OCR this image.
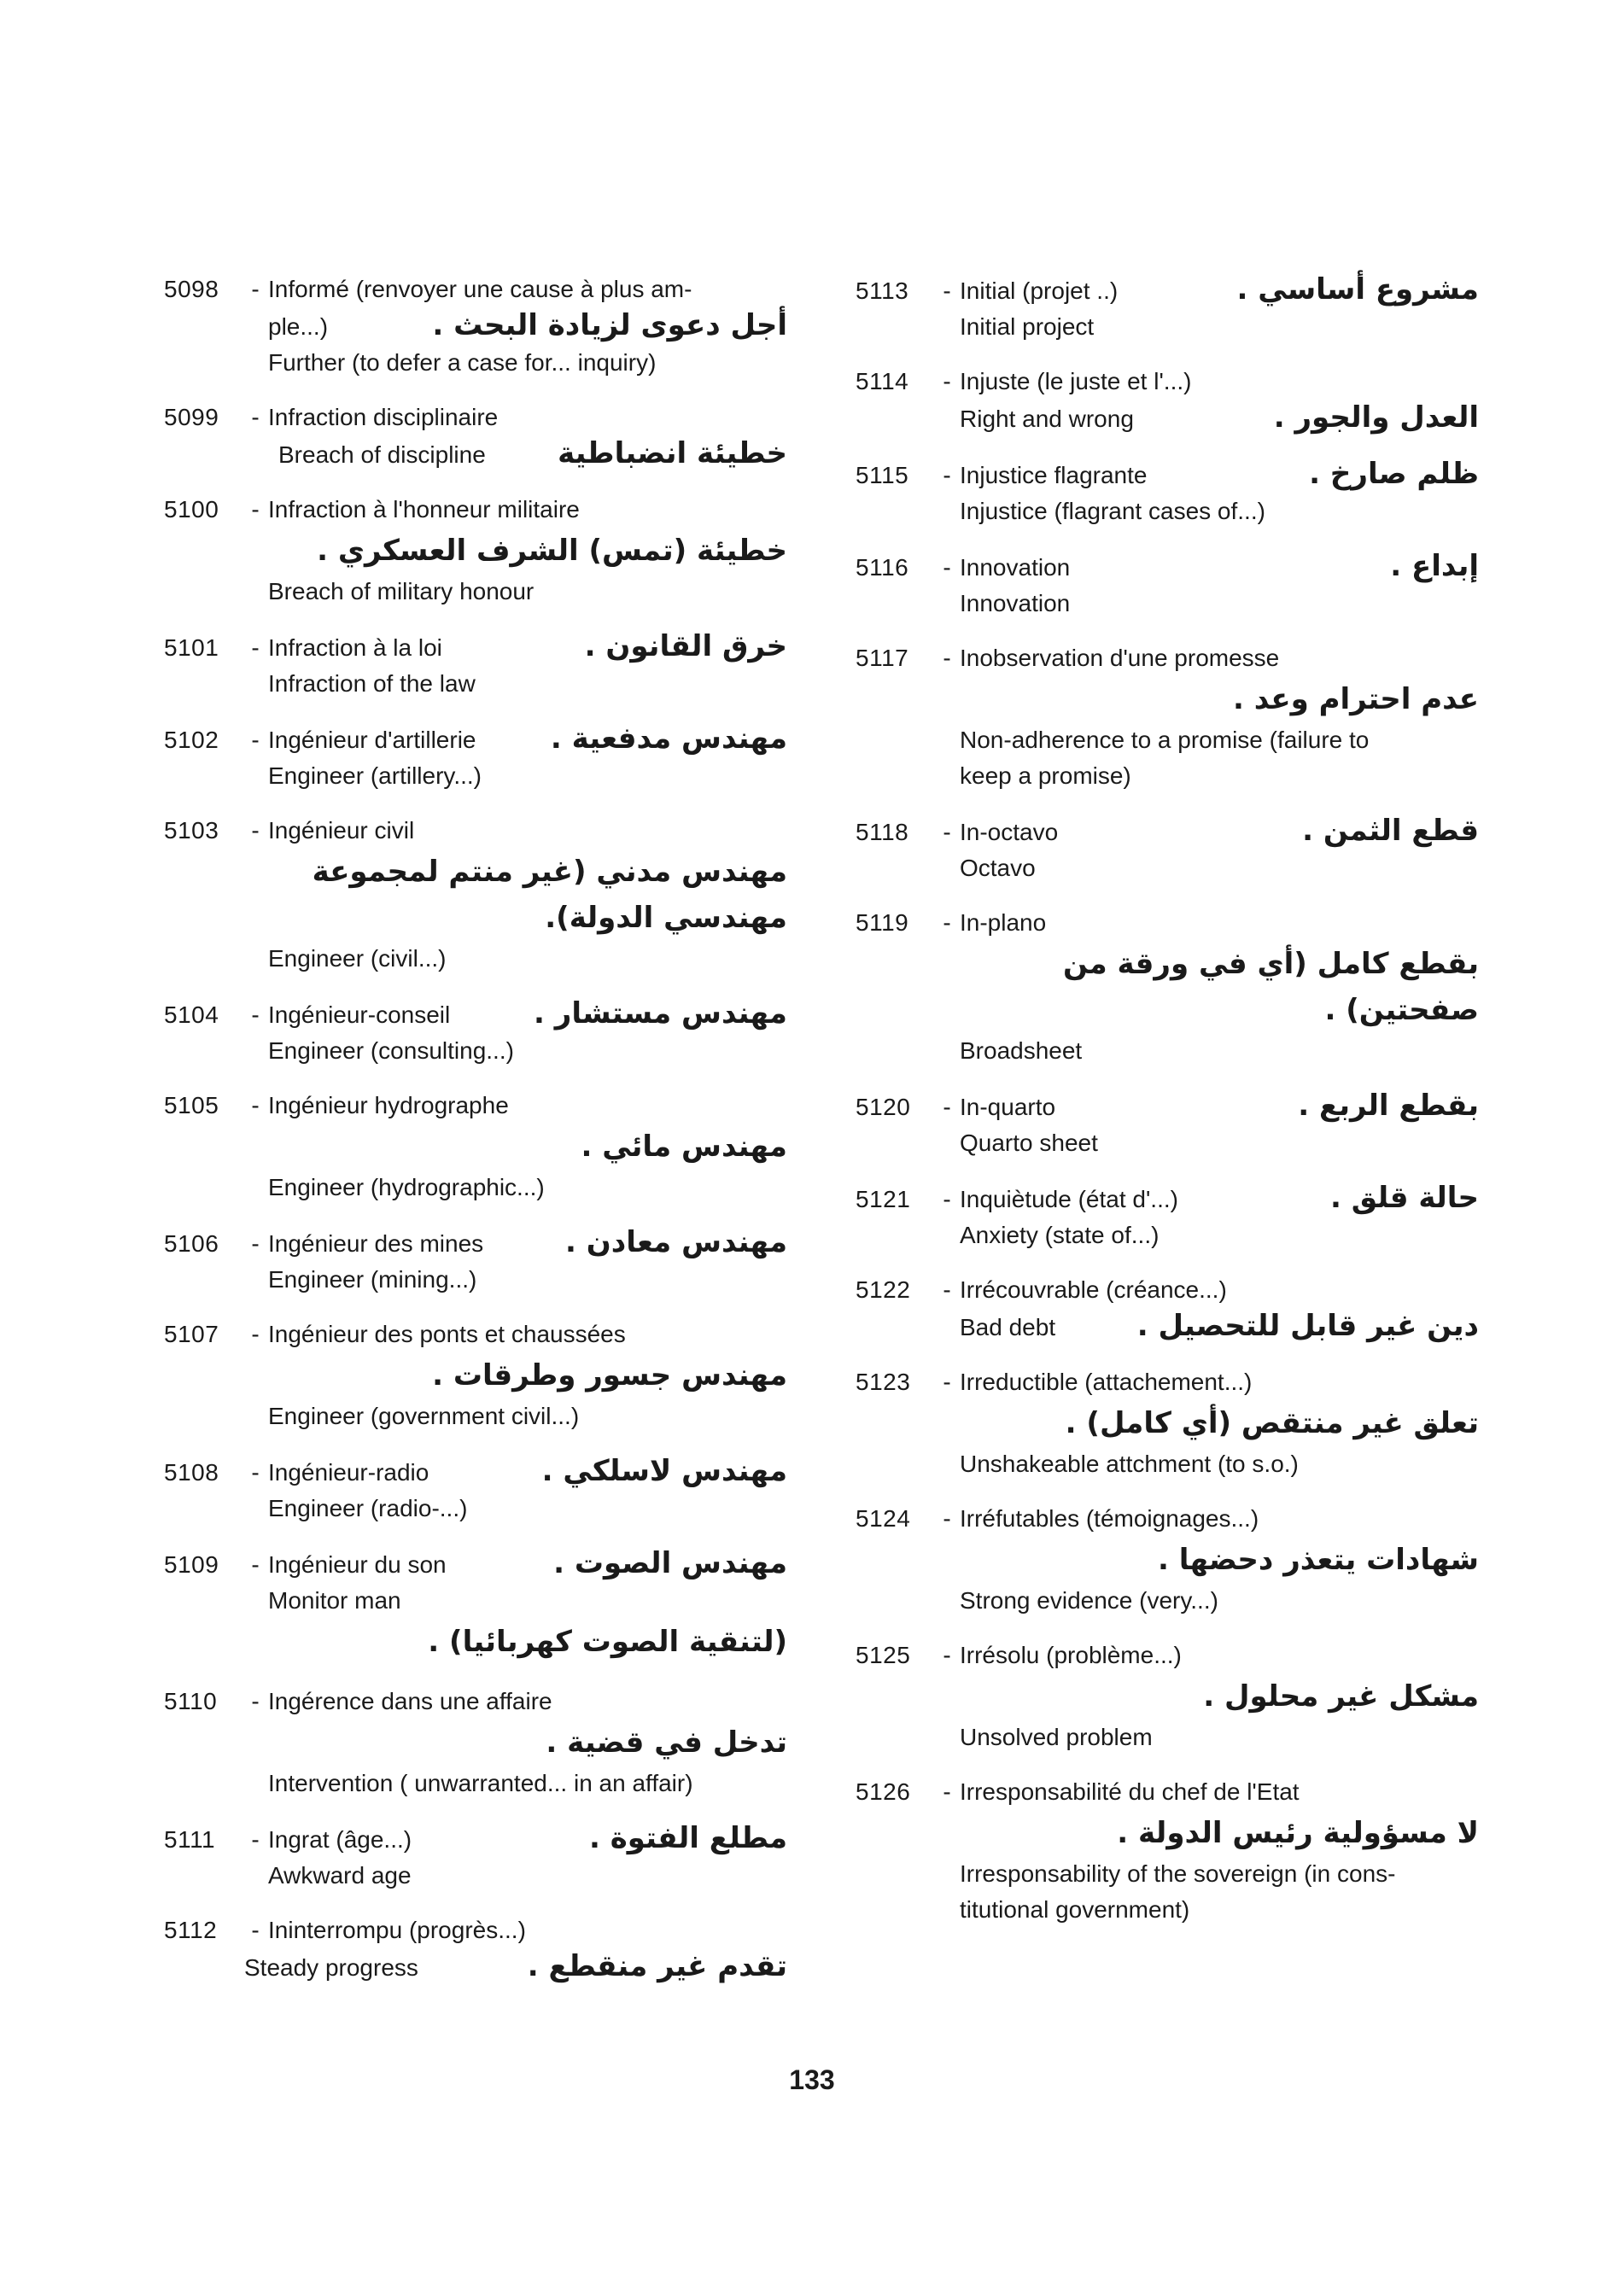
5098	- Informé (renvoyer une cause à plus am-
ple...)	أجل دعوى لزيادة البحث .
Further (to defer a case for... inquiry)
5099	- Infraction disciplinaire
Breach of discipline	خطيئة انضباطية
5100	- Infraction à l'honneur militaire
خطيئة (تمس) الشرف العسكري .
Breach of military honour
5101	- Infraction à la loi	خرق القانون .
Infraction of the law
5102	- Ingénieur d'artillerie	مهندس مدفعية .
Engineer (artillery...)
5103	- Ingénieur civil
مهندس مدني (غير منتم لمجموعة مهندسي الدولة).
Engineer (civil...)
5104	- Ingénieur-conseil	مهندس مستشار .
Engineer (consulting...)
5105	- Ingénieur hydrographe
مهندس مائي .
Engineer (hydrographic...)
5106	- Ingénieur des mines	مهندس معادن .
Engineer (mining...)
5107	- Ingénieur des ponts et chaussées
مهندس جسور وطرقات .
Engineer (government civil...)
5108	- Ingénieur-radio	مهندس لاسلكي .
Engineer (radio-...)
5109	- Ingénieur du son	مهندس الصوت .
Monitor man
(لتنقية الصوت كهربائيا) .
5110	- Ingérence dans une affaire
تدخل في قضية .
Intervention ( unwarranted... in an affair)
5111	- Ingrat (âge...)	مطلع الفتوة .
Awkward age
5112	- Ininterrompu (progrès...)
Steady progress	تقدم غير منقطع .
5113	- Initial (projet ..)	مشروع أساسي .
Initial project
5114	- Injuste (le juste et l'...)
Right and wrong	العدل والجور .
5115	- Injustice flagrante	ظلم صارخ .
Injustice (flagrant cases of...)
5116	- Innovation	إبداع .
Innovation
5117	- Inobservation d'une promesse
عدم احترام وعد .
Non-adherence to a promise (failure to
keep a promise)
5118	- In-octavo	قطع الثمن .
Octavo
5119	- In-plano
بقطع كامل (أي في ورقة من صفحتين) .
Broadsheet
5120	- In-quarto	بقطع الربع .
Quarto sheet
5121	- Inquiètude (état d'...)	حالة قلق .
Anxiety (state of...)
5122	- Irrécouvrable (créance...)
Bad debt	دين غير قابل للتحصيل .
5123	- Irreductible (attachement...)
تعلق غير منتقص (أي كامل) .
Unshakeable attchment (to s.o.)
5124	- Irréfutables (témoignages...)
شهادات يتعذر دحضها .
Strong evidence (very...)
5125	- Irrésolu (problème...)
مشكل غير محلول .
Unsolved problem
5126	- Irresponsabilité du chef de l'Etat
لا مسؤولية رئيس الدولة .
Irresponsability of the sovereign (in cons-
titutional government)
133
